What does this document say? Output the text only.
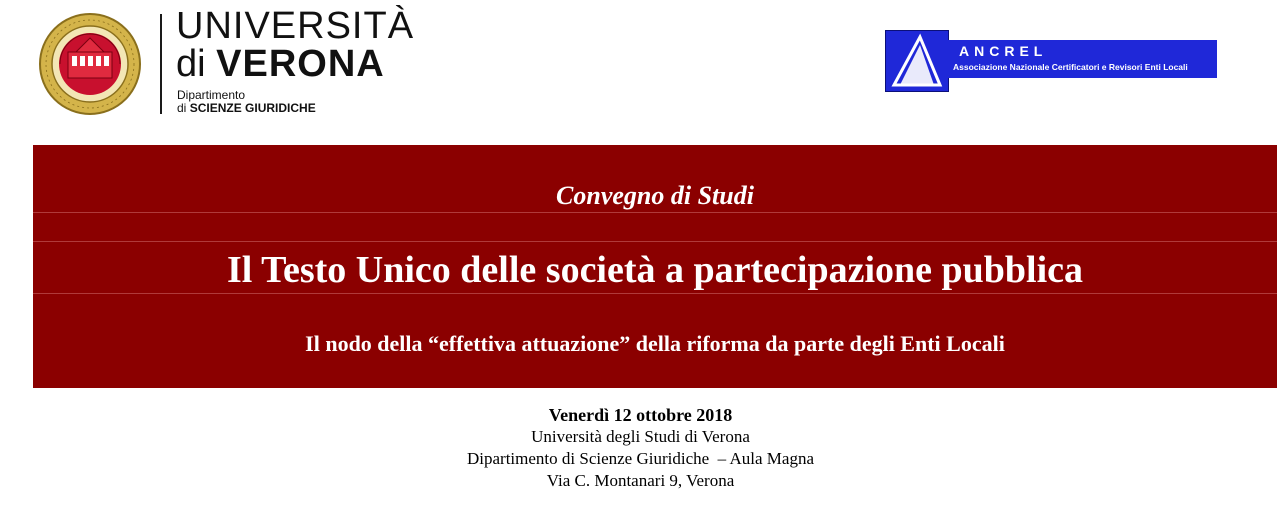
UNIVERSITÀ
di VERONA
Dipartimento
di SCIENZE GIURIDICHE
ANCREL
Associazione Nazionale Certificatori e Revisori Enti Locali
Convegno di Studi
Il Testo Unico delle società a partecipazione pubblica
Il nodo della “effettiva attuazione” della riforma da parte degli Enti Locali
Venerdì 12 ottobre 2018
Università degli Studi di Verona
Dipartimento di Scienze Giuridiche  – Aula Magna
Via C. Montanari 9, Verona
